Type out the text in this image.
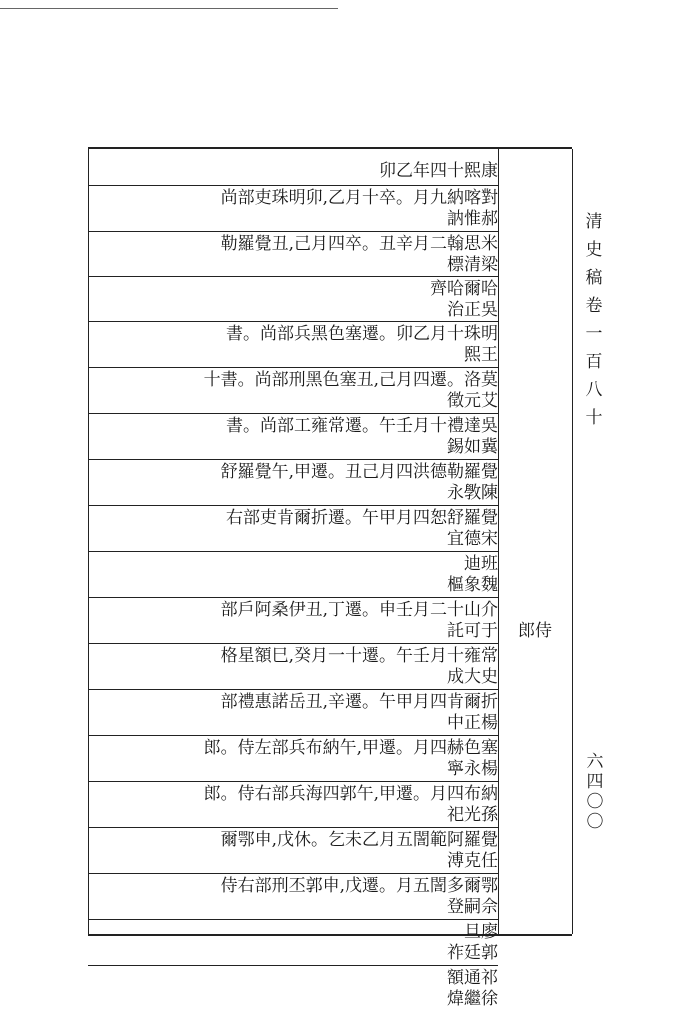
清史稿卷一百八十
六四〇〇
卯乙年四十熙康
尚部吏珠明卯,乙月十卒。月九納喀對
訥惟郝
勒羅覺丑,己月四卒。丑辛月二翰思米
標清梁
齊哈爾哈
治正吳
書。尚部兵黑色塞遷。卯乙月十珠明
熙王
十書。尚部刑黑色塞丑,己月四遷。洛莫
徵元艾
書。尚部工雍常遷。午壬月十禮達吳
錫如冀
舒羅覺午,甲遷。丑己月四洪德勒羅覺
永斆陳
右部吏肯爾折遷。午甲月四恕舒羅覺
宜德宋
迪班
樞象魏
部戶阿桑伊丑,丁遷。申壬月二十山介
託可于	郎侍
格星額巳,癸月一十遷。午壬月十雍常
成大史
部禮惠諾岳丑,辛遷。午甲月四肯爾折
中正楊
郎。侍左部兵布納午,甲遷。月四赫色塞
寧永楊
郎。侍右部兵海四郭午,甲遷。月四布納
祀光孫
爾鄂申,戊休。乞未乙月五誾範阿羅覺
溥克任
侍右部刑丕郭申,戊遷。月五誾多爾鄂
登嗣佘
旦廖
祚廷郭
額通祁
煒繼徐
